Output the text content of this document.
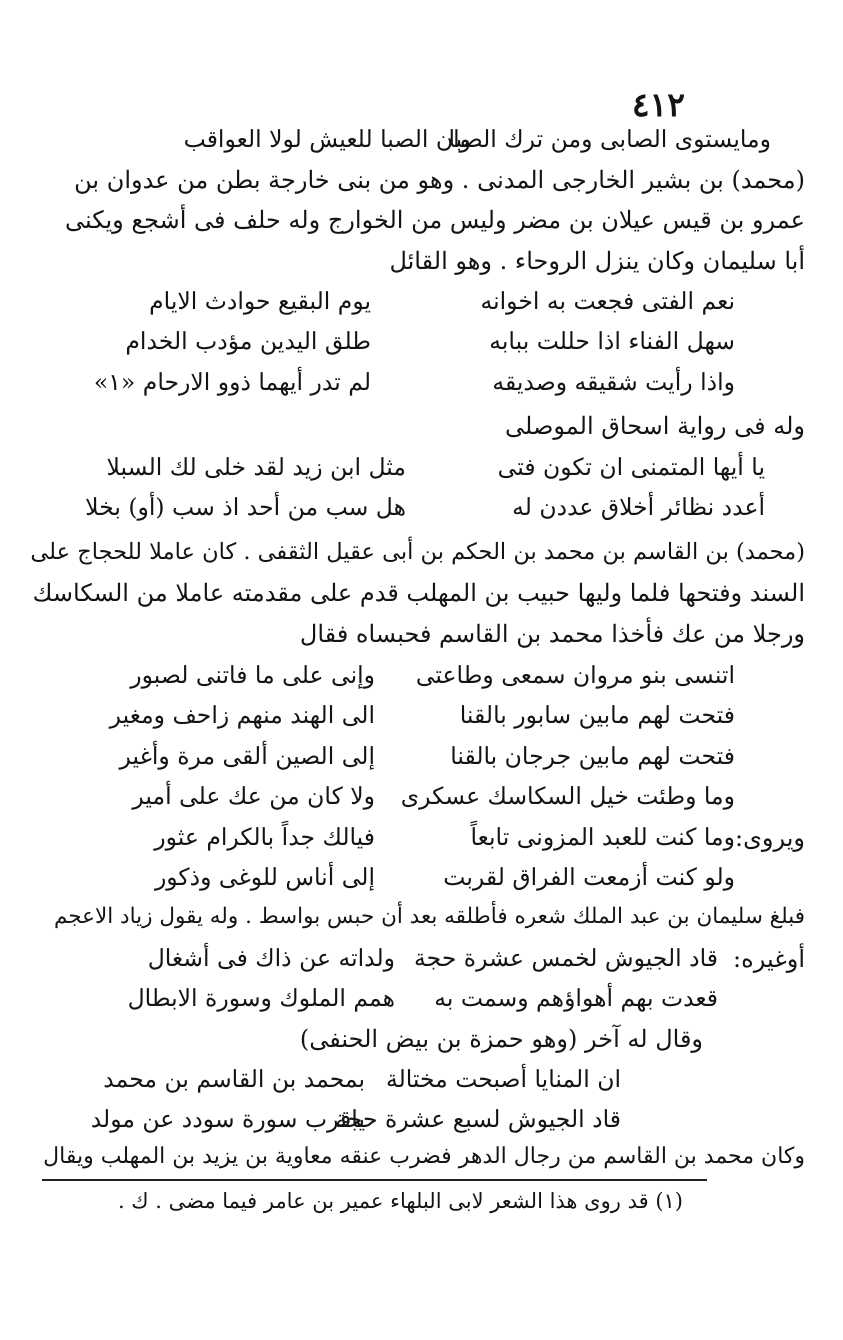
٤١٢
ومايستوى الصابى ومن ترك الصبا
وان الصبا للعيش لولا العواقب
(محمد) بن بشير الخارجى المدنى . وهو من بنى خارجة بطن من عدوان بن
عمرو بن قيس عيلان بن مضر وليس من الخوارج وله حلف فى أشجع ويكنى
أبا سليمان وكان ينزل الروحاء . وهو القائل
نعم الفتى فجعت به اخوانه
يوم البقيع حوادث الايام
سهل الفناء اذا حللت ببابه
طلق اليدين مؤدب الخدام
واذا رأيت شقيقه وصديقه
لم تدر أيهما ذوو الارحام «١»
وله فى رواية اسحاق الموصلى
يا أيها المتمنى ان تكون فتى
مثل ابن زيد لقد خلى لك السبلا
أعدد نظائر أخلاق عددن له
هل سب من أحد اذ سب (أو) بخلا
(محمد) بن القاسم بن محمد بن الحكم بن أبى عقيل الثقفى . كان عاملا للحجاج على
السند وفتحها فلما وليها حبيب بن المهلب قدم على مقدمته عاملا من السكاسك
ورجلا من عك فأخذا محمد بن القاسم فحبساه فقال
اتنسى بنو مروان سمعى وطاعتى
وإنى على ما فاتنى لصبور
فتحت لهم مابين سابور بالقنا
الى الهند منهم زاحف ومغير
فتحت لهم مابين جرجان بالقنا
إلى الصين ألقى مرة وأغير
وما وطئت خيل السكاسك عسكرى
ولا كان من عك على أمير
ويروى:
وما كنت للعبد المزونى تابعاً
فيالك جداً بالكرام عثور
ولو كنت أزمعت الفراق لقربت
إلى أناس للوغى وذكور
فبلغ سليمان بن عبد الملك شعره فأطلقه بعد أن حبس بواسط . وله يقول زياد الاعجم
أوغيره:
قاد الجيوش لخمس عشرة حجة
ولداته عن ذاك فى أشغال
قعدت بهم أهواؤهم وسمت به
همم الملوك وسورة الابطال
وقال له آخر (وهو حمزة بن بيض الحنفى)
ان المنايا أصبحت مختالة
بمحمد بن القاسم بن محمد
قاد الجيوش لسبع عشرة حجة
ياقرب سورة سودد عن مولد
وكان محمد بن القاسم من رجال الدهر فضرب عنقه معاوية بن يزيد بن المهلب ويقال
(١) قد روى هذا الشعر لابى البلهاء عمير بن عامر فيما مضى . ك .
